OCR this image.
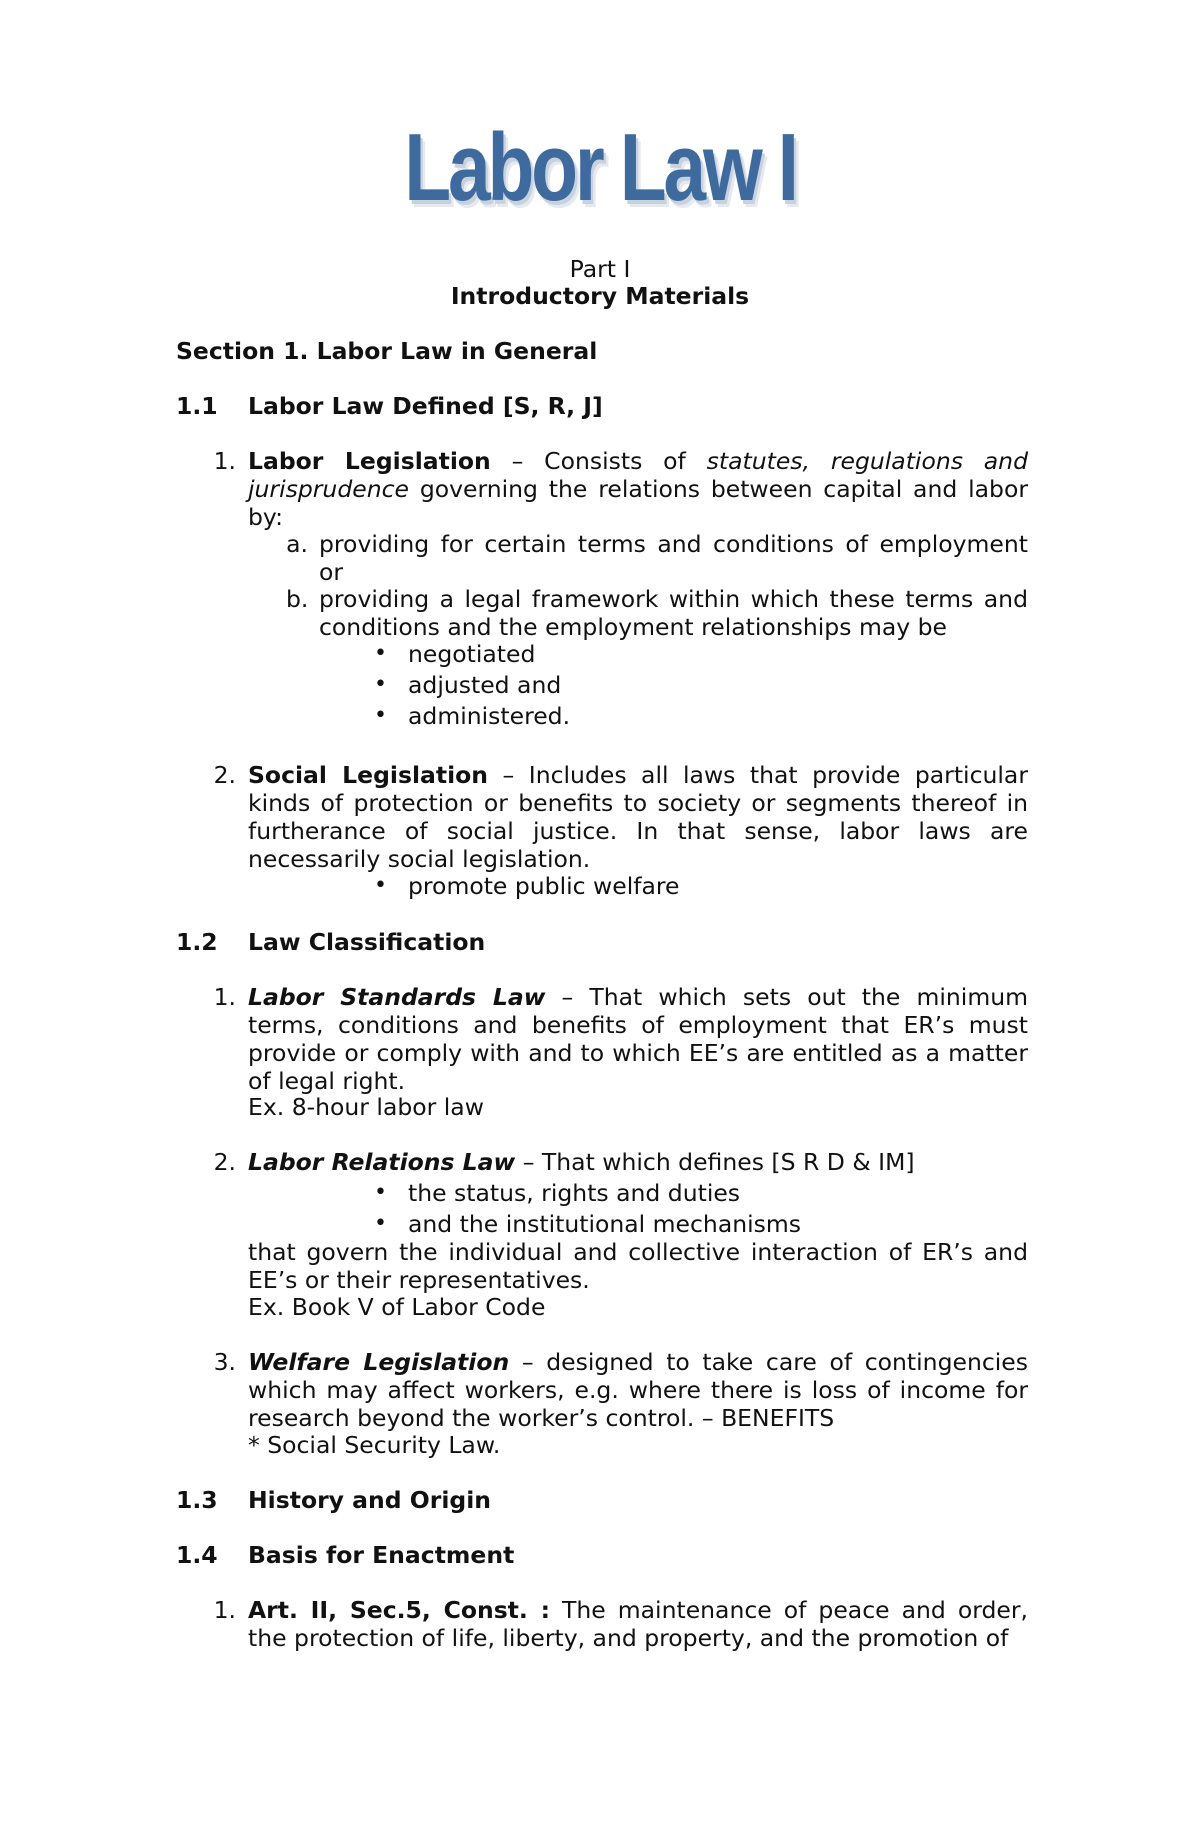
Labor Law I
Part I
Introductory Materials
Section 1. Labor Law in General
1.1 Labor Law Defined [S, R, J]
1. Labor Legislation – Consists of statutes, regulations and jurisprudence governing the relations between capital and labor by:
a. providing for certain terms and conditions of employment or
b. providing a legal framework within which these terms and conditions and the employment relationships may be
• negotiated
• adjusted and
• administered.
2. Social Legislation – Includes all laws that provide particular kinds of protection or benefits to society or segments thereof in furtherance of social justice. In that sense, labor laws are necessarily social legislation.
• promote public welfare
1.2 Law Classification
1. Labor Standards Law – That which sets out the minimum terms, conditions and benefits of employment that ER’s must provide or comply with and to which EE’s are entitled as a matter of legal right.
Ex. 8-hour labor law
2. Labor Relations Law – That which defines [S R D & IM]
• the status, rights and duties
• and the institutional mechanisms
that govern the individual and collective interaction of ER’s and EE’s or their representatives.
Ex. Book V of Labor Code
3. Welfare Legislation – designed to take care of contingencies which may affect workers, e.g. where there is loss of income for research beyond the worker’s control. – BENEFITS
* Social Security Law.
1.3 History and Origin
1.4 Basis for Enactment
1. Art. II, Sec.5, Const. : The maintenance of peace and order, the protection of life, liberty, and property, and the promotion of
